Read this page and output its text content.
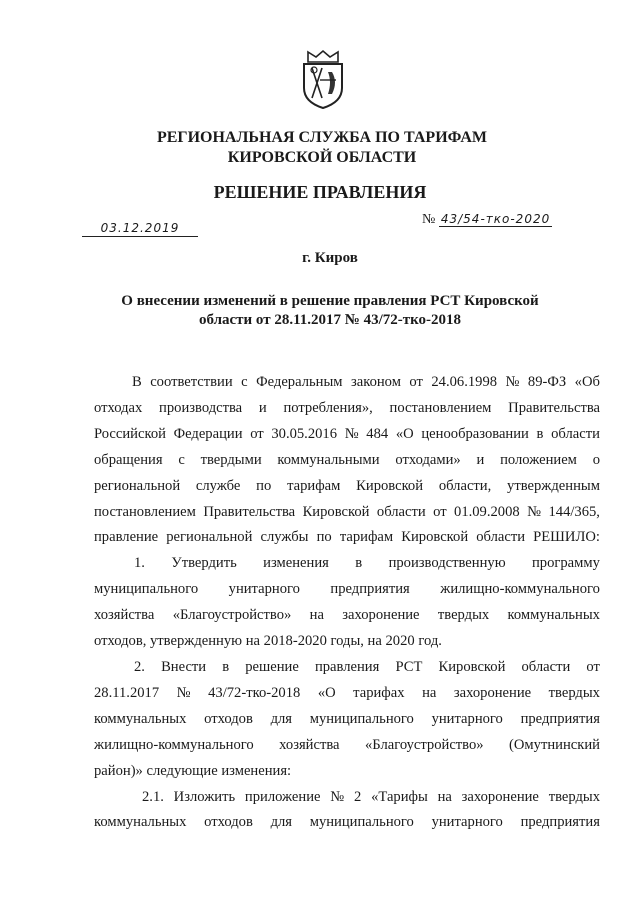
РЕГИОНАЛЬНАЯ СЛУЖБА ПО ТАРИФАМ
КИРОВСКОЙ ОБЛАСТИ
РЕШЕНИЕ ПРАВЛЕНИЯ
03.12.2019
№ 43/54-тко-2020
г. Киров
О внесении изменений в решение правления РСТ Кировской
области от 28.11.2017 № 43/72-тко-2018
В соответствии с Федеральным законом от 24.06.1998 № 89-ФЗ «Об
отходах производства и потребления», постановлением Правительства
Российской Федерации от 30.05.2016 № 484 «О ценообразовании в области
обращения с твердыми коммунальными отходами» и положением о
региональной службе по тарифам Кировской области, утвержденным
постановлением Правительства Кировской области от 01.09.2008 № 144/365,
правление региональной службы по тарифам Кировской области РЕШИЛО:
1. Утвердить изменения в производственную программу
муниципального унитарного предприятия жилищно-коммунального
хозяйства «Благоустройство» на захоронение твердых коммунальных
отходов, утвержденную на 2018-2020 годы, на 2020 год.
2. Внести в решение правления РСТ Кировской области от
28.11.2017 № 43/72-тко-2018 «О тарифах на захоронение твердых
коммунальных отходов для муниципального унитарного предприятия
жилищно-коммунального хозяйства «Благоустройство» (Омутнинский
район)» следующие изменения:
2.1. Изложить приложение № 2 «Тарифы на захоронение твердых
коммунальных отходов для муниципального унитарного предприятия
